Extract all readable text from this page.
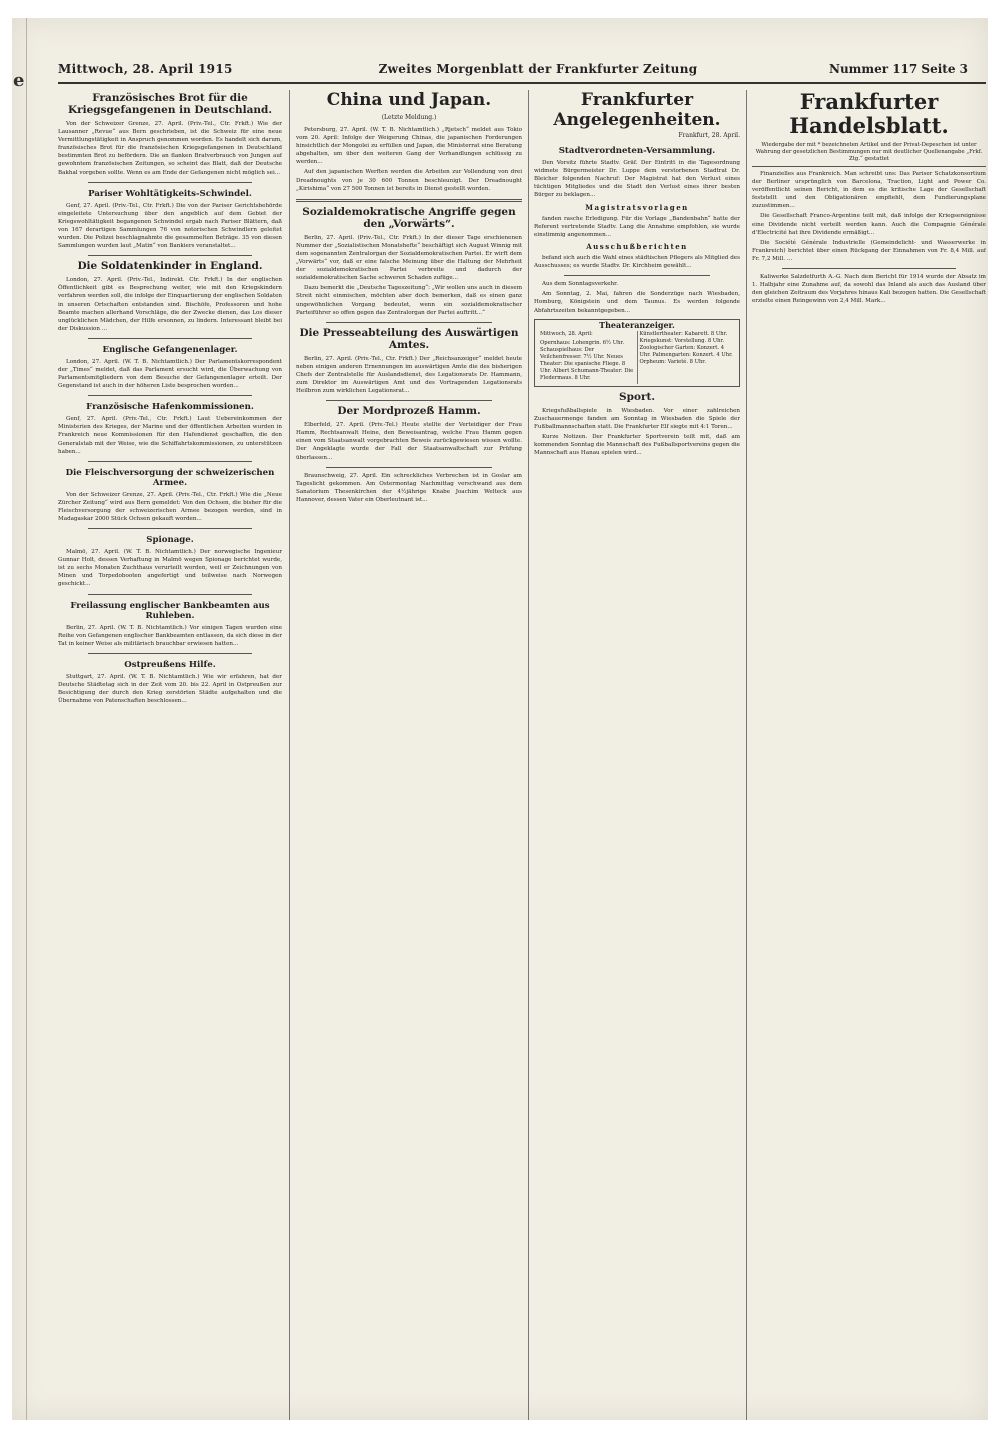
e
Mittwoch, 28. April 1915	Zweites Morgenblatt der Frankfurter Zeitung	Nummer 117 Seite 3
Französisches Brot für die Kriegsgefangenen in Deutschland.

Von der Schweizer Grenze, 27. April. (Priv.-Tel., Ctr. Frkft.) Wie der Lausanner „Revue“ aus Bern geschrieben, ist die Schweiz für eine neue Vermittlungstätigkeit in Anspruch genommen worden. Es handelt sich darum, französisches Brot für die französischen Kriegsgefangenen in Deutschland bestimmten Brot zu befördern. Die an flanken Bratverbrauch von Jungen auf gewohntem französischen Zeitungen, so scheint das Blatt, daß der Deutsche Bakhal vorgeben sollte. Wenn es am Ende der Gefangenen nicht möglich sei...

Pariser Wohltätigkeits-Schwindel.

Genf, 27. April. (Priv.-Tel., Ctr. Frkft.) Die von der Pariser Gerichtsbehörde eingeleitete Untersuchung über den angeblich auf dem Gebiet der Kriegswohltätigkeit begangenen Schwindel ergab nach Pariser Blättern, daß von 167 derartigen Sammlungen 76 von notorischen Schwindlern geleitet wurden. Die Polizei beschlagnahmte die gesammelten Beträge. 35 von diesen Sammlungen wurden laut „Matin“ von Bankiers veranstaltet...

Die Soldatenkinder in England.

London, 27. April. (Priv.-Tel., Indirekt. Ctr. Frkft.) In der englischen Öffentlichkeit gibt es Besprechung weiter, wie mit den Kriegskindern verfahren werden soll, die infolge der Einquartierung der englischen Soldaten in unseren Ortschaften entstanden sind. Bischöfe, Professoren und hohe Beamte machen allerhand Vorschläge, die der Zwecke dienen, das Los dieser unglücklichen Mädchen, der Hilfe ersonnen, zu lindern. Interessant bleibt bei der Diskussion ...

Englische Gefangenenlager.

London, 27. April. (W. T. B. Nichtamtlich.) Der Parlamentskorrespondent der „Times“ meldet, daß das Parlament ersucht wird, die Überwachung von Parlamentsmitgliedern von dem Besuche der Gefangenenlager erteilt. Der Gegenstand ist auch in der höheren Liste besprochen worden...

Französische Hafenkommissionen.

Genf, 27. April. (Priv.-Tel., Ctr. Frkft.) Laut Uebereinkommen der Ministerien des Krieges, der Marine und der öffentlichen Arbeiten wurden in Frankreich neue Kommissionen für den Hafendienst geschaffen, die den Generalstab mit der Weise, wie die Schiffahrtskommissionen, zu unterstützen haben...

Die Fleischversorgung der schweizerischen Armee.

Von der Schweizer Grenze, 27. April. (Priv.-Tel., Ctr. Frkft.) Wie die „Neue Zürcher Zeitung“ wird aus Bern gemeldet: Von den Ochsen, die bisher für die Fleischversorgung der schweizerischen Armee bezogen werden, sind in Madagaskar 2000 Stück Ochsen gekauft worden...

Spionage.

Malmö, 27. April. (W. T. B. Nichtamtlich.) Der norwegische Ingenieur Gunnar Holt, dessen Verhaftung in Malmö wegen Spionage berichtet wurde, ist zu sechs Monaten Zuchthaus verurteilt worden, weil er Zeichnungen von Minen und Torpedobooten angefertigt und teilweise nach Norwegen geschickt...

Freilassung englischer Bankbeamten aus Ruhleben.

Berlin, 27. April. (W. T. B. Nichtamtlich.) Vor einigen Tagen wurden eine Reihe von Gefangenen englischer Bankbeamten entlassen, da sich diese in der Tat in keiner Weise als militärisch brauchbar erwiesen hatten...

Ostpreußens Hilfe.

Stuttgart, 27. April. (W. T. B. Nichtamtlich.) Wie wir erfahren, hat der Deutsche Städtetag sich in der Zeit vom 20. bis 22. April in Ostpreußen zur Besichtigung der durch den Krieg zerstörten Städte aufgehalten und die Übernahme von Patenschaften beschlossen...

China und Japan.
(Letzte Meldung.)

Petersburg, 27. April. (W. T. B. Nichtamtlich.) „Rjetsch“ meldet aus Tokio vom 20. April: Infolge der Weigerung Chinas, die japanischen Forderungen hinsichtlich der Mongolei zu erfüllen und Japan, die Ministerrat eine Beratung abgehalten, um über den weiteren Gang der Verhandlungen schlüssig zu werden...

Auf den japanischen Werften werden die Arbeiten zur Vollendung von drei Dreadnoughts von je 30 600 Tonnen beschleunigt. Der Dreadnought „Kirishima“ von 27 500 Tonnen ist bereits in Dienst gestellt worden.

Sozialdemokratische Angriffe gegen den „Vorwärts“.

Berlin, 27. April. (Priv.-Tel., Ctr. Frkft.) In der dieser Tage erschienenen Nummer der „Sozialistischen Monatshefte“ beschäftigt sich August Winnig mit dem sogenannten Zentralorgan der Sozialdemokratischen Partei. Er wirft dem „Vorwärts“ vor, daß er eine falsche Meinung über die Haltung der Mehrheit der sozialdemokratischen Partei verbreite und dadurch der sozialdemokratischen Sache schweren Schaden zufüge...

Dazu bemerkt die „Deutsche Tageszeitung“: „Wir wollen uns auch in diesem Streit nicht einmischen, möchten aber doch bemerken, daß es einen ganz ungewöhnlichen Vorgang bedeutet, wenn ein sozialdemokratischer Parteiführer so offen gegen das Zentralorgan der Partei auftritt...“

Die Presseabteilung des Auswärtigen Amtes.

Berlin, 27. April. (Priv.-Tel., Ctr. Frkft.) Der „Reichsanzeiger“ meldet heute neben einigen anderen Ernennungen im auswärtigen Amte die des bisherigen Chefs der Zentralstelle für Auslandsdienst, des Legationsrats Dr. Hammann, zum Direktor im Auswärtigen Amt und des Vortragenden Legationsrats Heilbron zum wirklichen Legationsrat...

Der Mordprozeß Hamm.

Elberfeld, 27. April. (Priv.-Tel.) Heute stellte der Verteidiger der Frau Hamm, Rechtsanwalt Heine, den Beweisantrag, welche Frau Hamm gegen einen vom Staatsanwalt vorgebrachten Beweis zurückgewiesen wissen wollte. Der Angeklagte wurde der Fall der Staatsanwaltschaft zur Prüfung überlassen...

Braunschweig, 27. April. Ein schreckliches Verbrechen ist in Goslar am Tageslicht gekommen. Am Ostermontag Nachmittag verschwand aus dem Sanatorium Thesenkirchen der 4½jährige Knabe Joachim Welteck aus Hannover, dessen Vater ein Oberleutnant ist...

Frankfurter Angelegenheiten.
Frankfurt, 28. April.
Stadtverordneten-Versammlung.

Den Vorsitz führte Stadtv. Gräf. Der Eintritt in die Tagesordnung widmete Bürgermeister Dr. Luppe dem verstorbenen Stadtrat Dr. Bleicher folgenden Nachruf: Der Magistrat hat den Verlust eines tüchtigen Mitgliedes und die Stadt den Verlust eines ihrer besten Bürger zu beklagen...

Magistratsvorlagen

fanden rasche Erledigung. Für die Vorlage „Bandenbahn“ hatte der Referent vertretende Stadtv. Lang die Annahme empfohlen, sie wurde einstimmig angenommen...

Ausschußberichten

befand sich auch die Wahl eines städtischen Pflegers als Mitglied des Ausschusses; es wurde Stadtv. Dr. Kirchheim gewählt...

Aus dem Sonntagsverkehr.

Am Sonntag, 2. Mai, fahren die Sonderzüge nach Wiesbaden, Homburg, Königstein und dem Taunus. Es werden folgende Abfahrtszeiten bekanntgegeben...

Theateranzeiger.
Mittwoch, 28. April:
Opernhaus: Lohengrin. 6½ Uhr. Schauspielhaus: Der Veilchenfresser. 7½ Uhr. Neues Theater: Die spanische Fliege. 8 Uhr. Albert Schumann-Theater: Die Fledermaus. 8 Uhr.
Künstlertheater: Kabarett. 8 Uhr. Kriegskunst: Vorstellung. 8 Uhr. Zoologischer Garten: Konzert. 4 Uhr. Palmengarten: Konzert. 4 Uhr. Orpheum: Varieté. 8 Uhr.
Sport.

Kriegsfußballspiele in Wiesbaden. Vor einer zahlreichen Zuschauermenge fanden am Sonntag in Wiesbaden die Spiele der Fußballmannschaften statt. Die Frankfurter Elf siegte mit 4:1 Toren...

Kurze Notizen. Der Frankfurter Sportverein teilt mit, daß am kommenden Sonntag die Mannschaft des Fußballsportvereins gegen die Mannschaft aus Hanau spielen wird...

Frankfurter Handelsblatt.
Wiedergabe der mit * bezeichneten Artikel und der Privat-Depeschen ist unter Wahrung der gesetzlichen Bestimmungen nur mit deutlicher Quellenangabe „Frkf. Ztg.“ gestattet

Finanzielles aus Frankreich. Man schreibt uns: Das Pariser Schatzkonsortium der Berliner ursprünglich von Barcelona, Traction, Light and Power Co. veröffentlicht seinen Bericht, in dem es die kritische Lage der Gesellschaft feststellt und den Obligationären empfiehlt, dem Fundierungsplane zuzustimmen...

Die Gesellschaft Franco-Argentine teilt mit, daß infolge der Kriegsereignisse eine Dividende nicht verteilt werden kann. Auch die Compagnie Générale d'Electricité hat ihre Dividende ermäßigt...

Die Société Générale Industrielle (Gemeindelicht- und Wasserwerke in Frankreich) berichtet über einen Rückgang der Einnahmen von Fr. 8,4 Mill. auf Fr. 7,2 Mill. ...

Kaliwerke Salzdetfurth A.-G. Nach dem Bericht für 1914 wurde der Absatz im 1. Halbjahr eine Zunahme auf, da sowohl das Inland als auch das Ausland über den gleichen Zeitraum des Vorjahres hinaus Kali bezogen hatten. Die Gesellschaft erzielte einen Reingewinn von 2,4 Mill. Mark...
